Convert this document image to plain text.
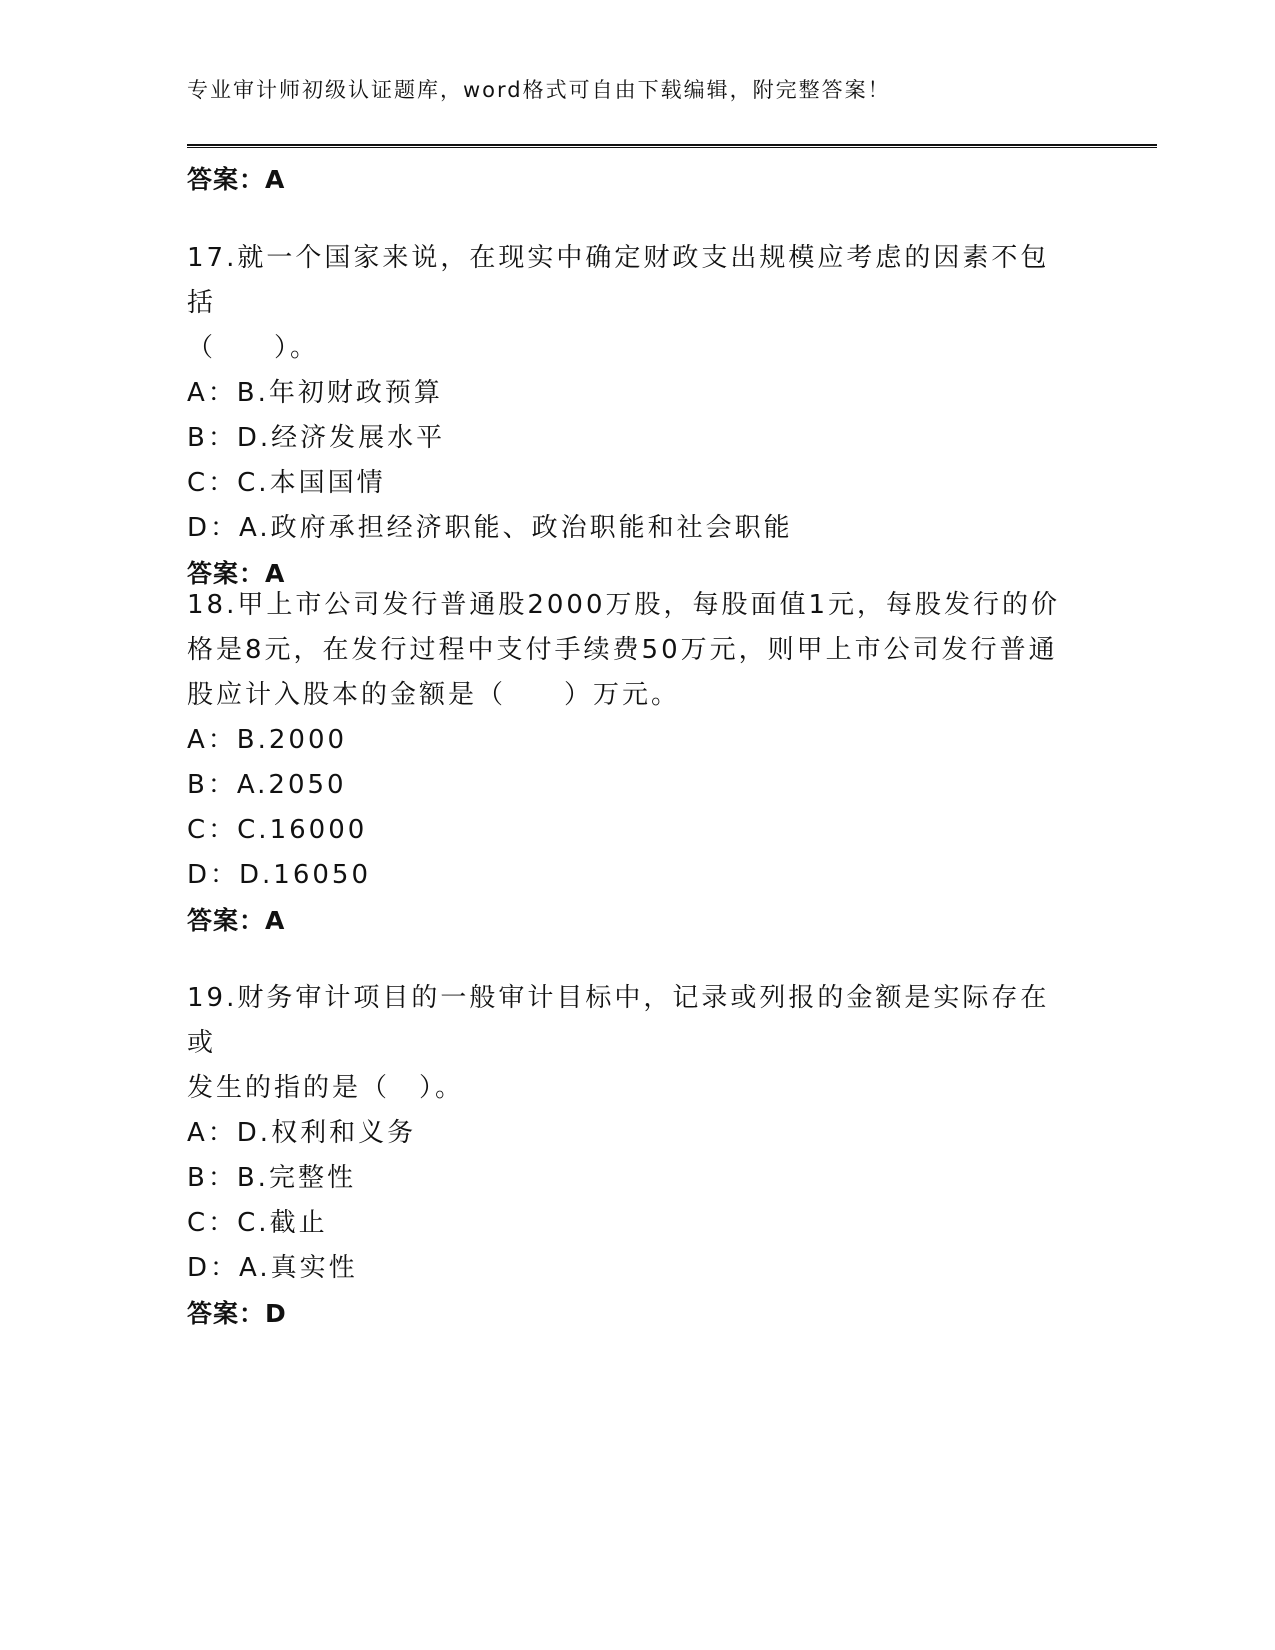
专业审计师初级认证题库，word格式可自由下载编辑，附完整答案！
答案：A
17.就一个国家来说，在现实中确定财政支出规模应考虑的因素不包括
（　　）。
A：B.年初财政预算
B：D.经济发展水平
C：C.本国国情
D：A.政府承担经济职能、政治职能和社会职能
答案：A
18.甲上市公司发行普通股2000万股，每股面值1元，每股发行的价
格是8元，在发行过程中支付手续费50万元，则甲上市公司发行普通
股应计入股本的金额是（　　）万元。
A：B.2000
B：A.2050
C：C.16000
D：D.16050
答案：A
19.财务审计项目的一般审计目标中，记录或列报的金额是实际存在或
发生的指的是（　）。
A：D.权利和义务
B：B.完整性
C：C.截止
D：A.真实性
答案：D
